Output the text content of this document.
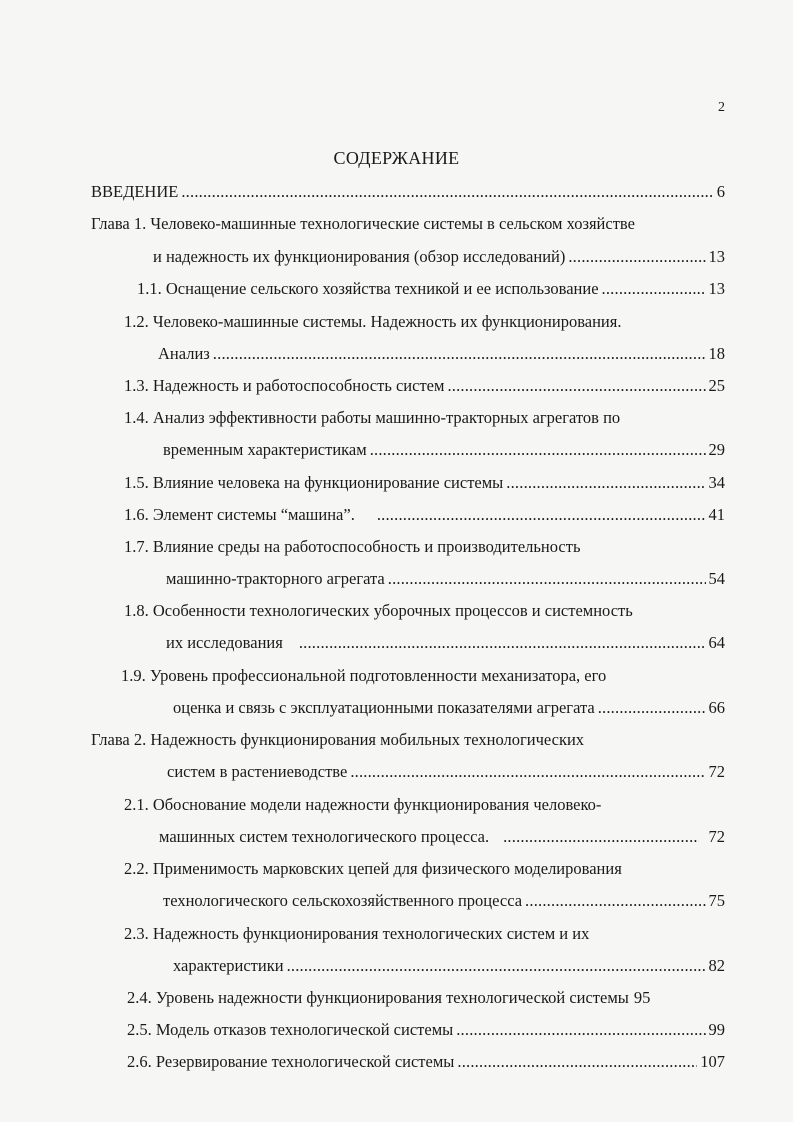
2
СОДЕРЖАНИЕ
ВВЕДЕНИЕ .....	6
Глава 1. Человеко-машинные технологические системы в сельском хозяйстве
и надежность их функционирования (обзор исследований) .....	13
1.1. Оснащение сельского хозяйства техникой и ее использование .....	13
1.2. Человеко-машинные системы. Надежность их функционирования.
Анализ .....	18
1.3. Надежность и работоспособность систем .....	25
1.4. Анализ эффективности работы машинно-тракторных агрегатов по
временным характеристикам .....	29
1.5. Влияние человека на функционирование системы .....	34
1.6. Элемент системы “машина”. .....	41
1.7. Влияние среды на работоспособность и производительность
машинно-тракторного агрегата .....	54
1.8. Особенности технологических уборочных процессов и системность
их исследования .....	64
1.9. Уровень профессиональной подготовленности механизатора, его
оценка и связь с эксплуатационными показателями агрегата .....	66
Глава 2. Надежность функционирования мобильных технологических
систем в растениеводстве .....	72
2.1. Обоснование модели надежности функционирования человеко-
машинных систем технологического процесса. .....	72
2.2. Применимость марковских цепей для физического моделирования
технологического сельскохозяйственного процесса .....	75
2.3. Надежность функционирования технологических систем и их
характеристики .....	82
2.4. Уровень надежности функционирования технологической системы 95
2.5. Модель отказов технологической системы .....	99
2.6. Резервирование технологической системы .....	107
